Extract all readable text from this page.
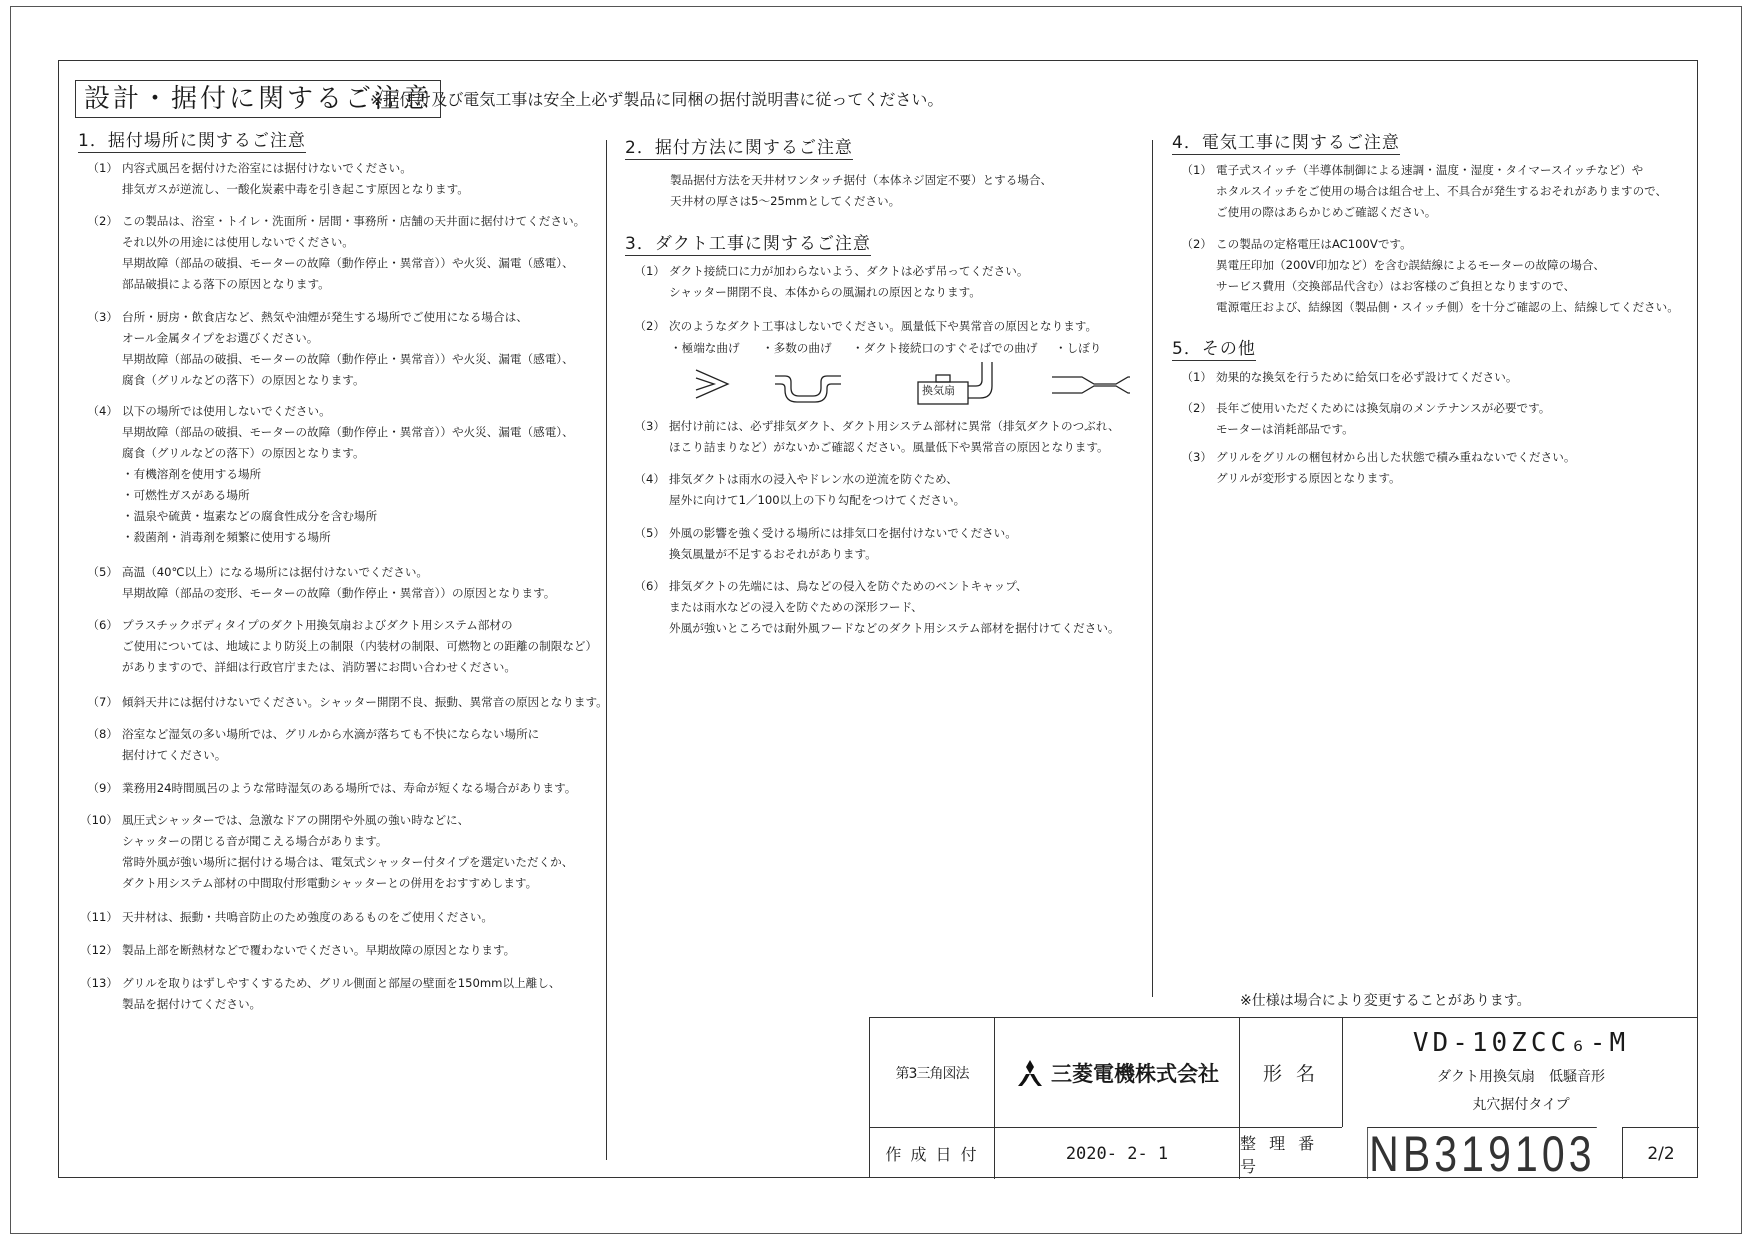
設計・据付に関するご注意
※据付け及び電気工事は安全上必ず製品に同梱の据付説明書に従ってください。
1．据付場所に関するご注意
（1） 内容式風呂を据付けた浴室には据付けないでください。
排気ガスが逆流し、一酸化炭素中毒を引き起こす原因となります。
（2） この製品は、浴室・トイレ・洗面所・居間・事務所・店舗の天井面に据付けてください。
それ以外の用途には使用しないでください。
早期故障（部品の破損、モーターの故障（動作停止・異常音））や火災、漏電（感電）、
部品破損による落下の原因となります。
（3） 台所・厨房・飲食店など、熱気や油煙が発生する場所でご使用になる場合は、
オール金属タイプをお選びください。
早期故障（部品の破損、モーターの故障（動作停止・異常音））や火災、漏電（感電）、
腐食（グリルなどの落下）の原因となります。
（4） 以下の場所では使用しないでください。
早期故障（部品の破損、モーターの故障（動作停止・異常音））や火災、漏電（感電）、
腐食（グリルなどの落下）の原因となります。
・有機溶剤を使用する場所
・可燃性ガスがある場所
・温泉や硫黄・塩素などの腐食性成分を含む場所
・殺菌剤・消毒剤を頻繁に使用する場所
（5） 高温（40℃以上）になる場所には据付けないでください。
早期故障（部品の変形、モーターの故障（動作停止・異常音））の原因となります。
（6） プラスチックボディタイプのダクト用換気扇およびダクト用システム部材の
ご使用については、地域により防災上の制限（内装材の制限、可燃物との距離の制限など）
がありますので、詳細は行政官庁または、消防署にお問い合わせください。
（7） 傾斜天井には据付けないでください。シャッター開閉不良、振動、異常音の原因となります。
（8） 浴室など湿気の多い場所では、グリルから水滴が落ちても不快にならない場所に
据付けてください。
（9） 業務用24時間風呂のような常時湿気のある場所では、寿命が短くなる場合があります。
（10） 風圧式シャッターでは、急激なドアの開閉や外風の強い時などに、
シャッターの閉じる音が聞こえる場合があります。
常時外風が強い場所に据付ける場合は、電気式シャッター付タイプを選定いただくか、
ダクト用システム部材の中間取付形電動シャッターとの併用をおすすめします。
（11） 天井材は、振動・共鳴音防止のため強度のあるものをご使用ください。
（12） 製品上部を断熱材などで覆わないでください。早期故障の原因となります。
（13） グリルを取りはずしやすくするため、グリル側面と部屋の壁面を150mm以上離し、
製品を据付けてください。
2．据付方法に関するご注意
製品据付方法を天井材ワンタッチ据付（本体ネジ固定不要）とする場合、
天井材の厚さは5～25mmとしてください。
3．ダクト工事に関するご注意
（1） ダクト接続口に力が加わらないよう、ダクトは必ず吊ってください。
シャッター開閉不良、本体からの風漏れの原因となります。
（2） 次のようなダクト工事はしないでください。風量低下や異常音の原因となります。
・極端な曲げ ・多数の曲げ ・ダクト接続口のすぐそばでの曲げ ・しぼり
換気扇
（3） 据付け前には、必ず排気ダクト、ダクト用システム部材に異常（排気ダクトのつぶれ、
ほこり詰まりなど）がないかご確認ください。風量低下や異常音の原因となります。
（4） 排気ダクトは雨水の浸入やドレン水の逆流を防ぐため、
屋外に向けて1／100以上の下り勾配をつけてください。
（5） 外風の影響を強く受ける場所には排気口を据付けないでください。
換気風量が不足するおそれがあります。
（6） 排気ダクトの先端には、鳥などの侵入を防ぐためのベントキャップ、
または雨水などの浸入を防ぐための深形フード、
外風が強いところでは耐外風フードなどのダクト用システム部材を据付けてください。
4．電気工事に関するご注意
（1） 電子式スイッチ（半導体制御による速調・温度・湿度・タイマースイッチなど）や
ホタルスイッチをご使用の場合は組合せ上、不具合が発生するおそれがありますので、
ご使用の際はあらかじめご確認ください。
（2） この製品の定格電圧はAC100Vです。
異電圧印加（200V印加など）を含む誤結線によるモーターの故障の場合、
サービス費用（交換部品代含む）はお客様のご負担となりますので、
電源電圧および、結線図（製品側・スイッチ側）を十分ご確認の上、結線してください。
5．その他
（1） 効果的な換気を行うために給気口を必ず設けてください。
（2） 長年ご使用いただくためには換気扇のメンテナンスが必要です。
モーターは消耗部品です。
（3） グリルをグリルの梱包材から出した状態で積み重ねないでください。
グリルが変形する原因となります。
※仕様は場合により変更することがあります。
第3三角図法	三菱電機株式会社	形 名
VD-10ZCC₆-M
ダクト用換気扇　低騒音形
丸穴据付タイプ
作 成 日 付	2020- 2- 1
整 理 番 号	NB319103	2/2
